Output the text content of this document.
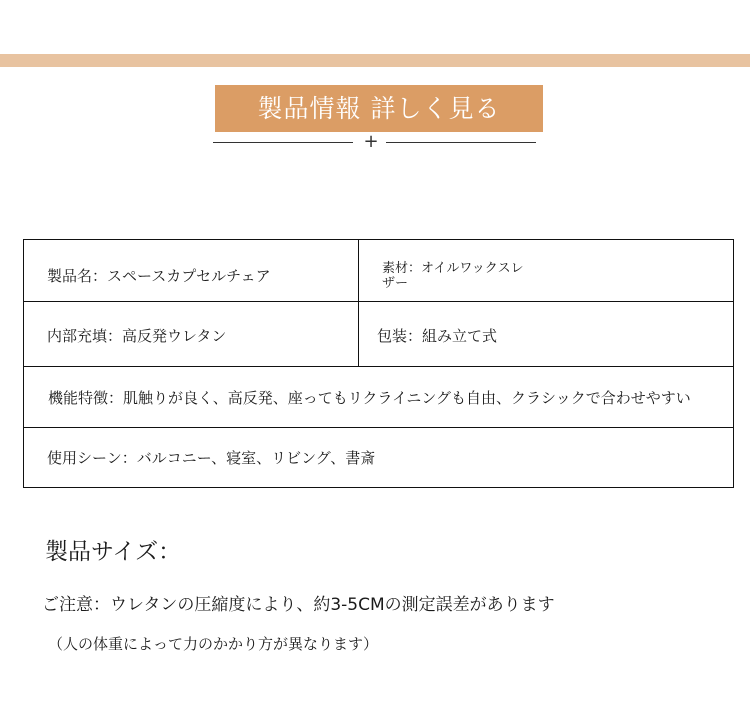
製品情報 詳しく見る
+
製品名：スペースカプセルチェア	素材：オイルワックスレザー
内部充填：高反発ウレタン	包装：組み立て式
機能特徴：肌触りが良く、高反発、座ってもリクライニングも自由、クラシックで合わせやすい
使用シーン：バルコニー、寝室、リビング、書斎
製品サイズ：
ご注意：ウレタンの圧縮度により、約3-5CMの測定誤差があります
（人の体重によって力のかかり方が異なります）
